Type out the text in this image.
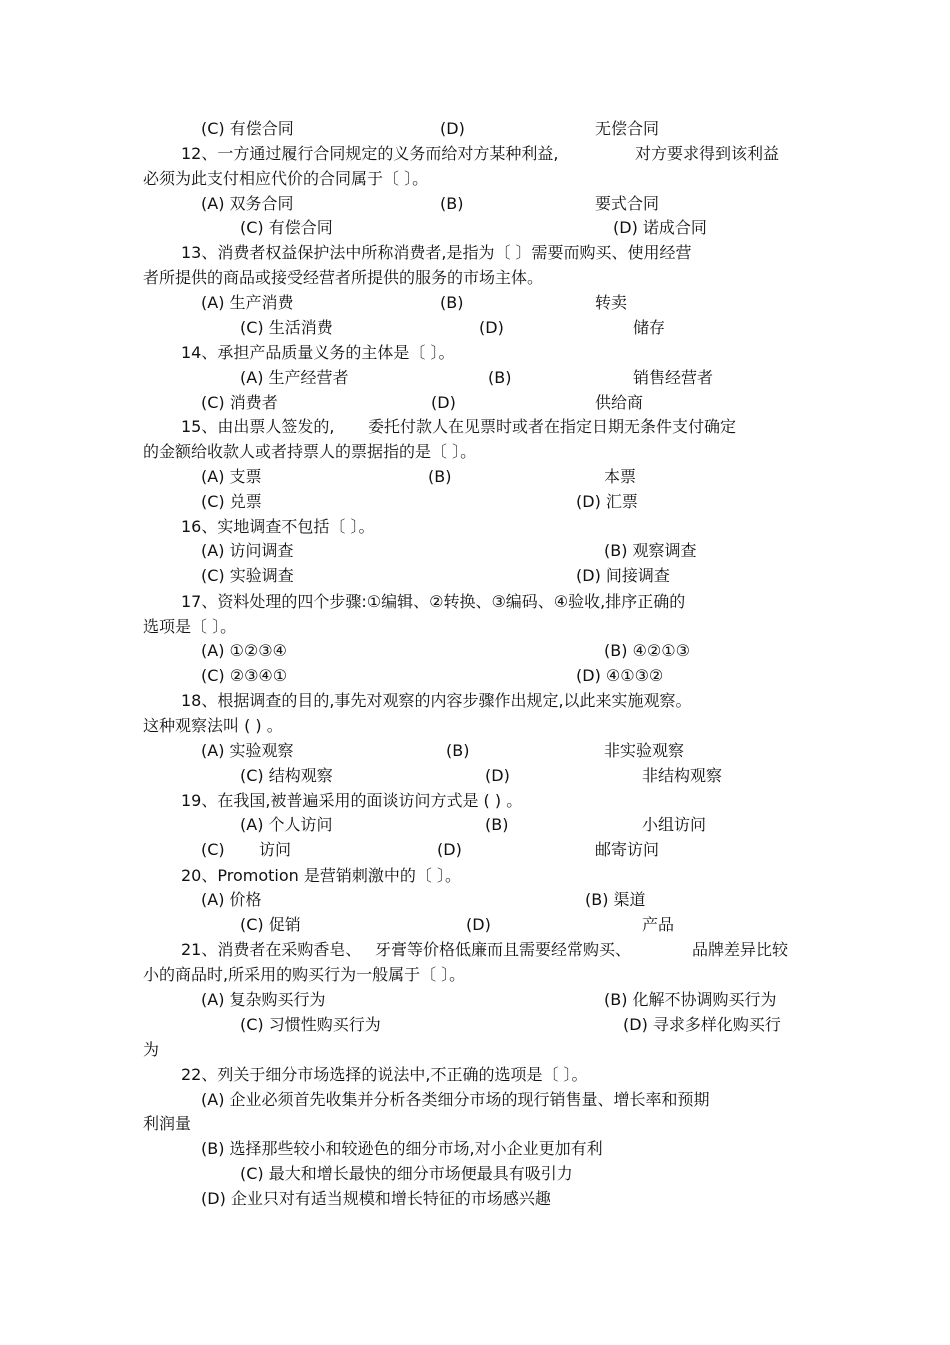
(C) 有偿合同	(D)	无偿合同
12、一方通过履行合同规定的义务而给对方某种利益,	对方要求得到该利益
必须为此支付相应代价的合同属于〔 〕。
(A) 双务合同	(B)	要式合同
(C) 有偿合同	(D) 诺成合同
13、消费者权益保护法中所称消费者,是指为〔 〕需要而购买、使用经营
者所提供的商品或接受经营者所提供的服务的市场主体。
(A) 生产消费	(B)	转卖
(C) 生活消费	(D)	储存
14、承担产品质量义务的主体是〔 〕。
(A) 生产经营者	(B)	销售经营者
(C) 消费者	(D)	供给商
15、由出票人签发的, 委托付款人在见票时或者在指定日期无条件支付确定
的金额给收款人或者持票人的票据指的是〔 〕。
(A) 支票	(B)	本票
(C) 兑票	(D) 汇票
16、实地调查不包括〔 〕。
(A) 访问调查	(B) 观察调查
(C) 实验调查	(D) 间接调查
17、资料处理的四个步骤:①编辑、②转换、③编码、④验收,排序正确的
选项是〔 〕。
(A) ①②③④	(B) ④②①③
(C) ②③④①	(D) ④①③②
18、根据调查的目的,事先对观察的内容步骤作出规定,以此来实施观察。
这种观察法叫 ( ) 。
(A) 实验观察	(B)	非实验观察
(C) 结构观察	(D)	非结构观察
19、在我国,被普遍采用的面谈访问方式是 ( ) 。
(A) 个人访问	(B)	小组访问
(C) 访问	(D)	邮寄访问
20、Promotion 是营销刺激中的〔 〕。
(A) 价格	(B) 渠道
(C) 促销	(D)	产品
21、消费者在采购香皂、 牙膏等价格低廉而且需要经常购买、	品牌差异比较
小的商品时,所采用的购买行为一般属于〔 〕。
(A) 复杂购买行为	(B) 化解不协调购买行为
(C) 习惯性购买行为	(D) 寻求多样化购买行
为
22、列关于细分市场选择的说法中,不正确的选项是〔 〕。
(A) 企业必须首先收集并分析各类细分市场的现行销售量、增长率和预期
利润量
(B) 选择那些较小和较逊色的细分市场,对小企业更加有利
(C) 最大和增长最快的细分市场便最具有吸引力
(D) 企业只对有适当规模和增长特征的市场感兴趣
